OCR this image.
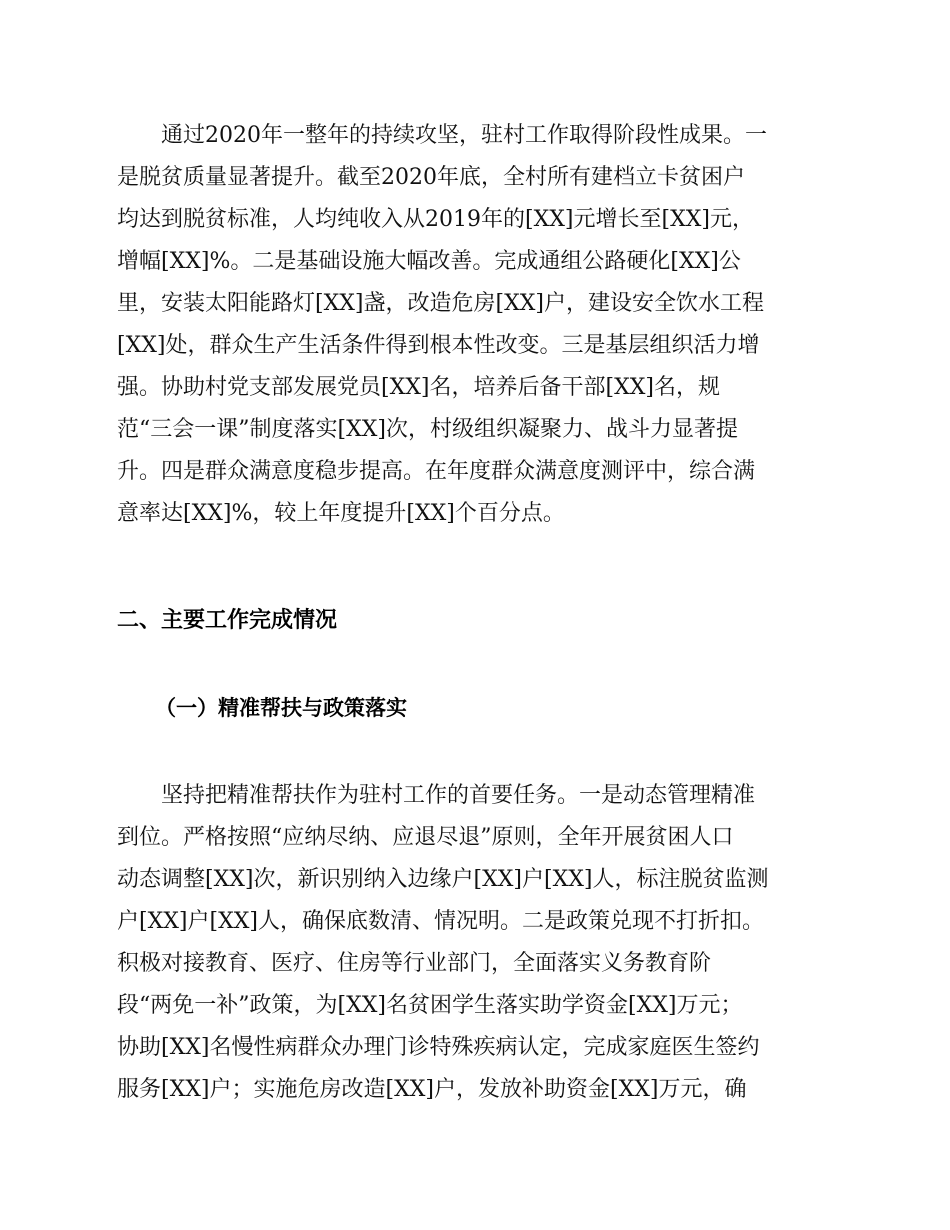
　　通过2020年一整年的持续攻坚，驻村工作取得阶段性成果。一
是脱贫质量显著提升。截至2020年底，全村所有建档立卡贫困户
均达到脱贫标准，人均纯收入从2019年的[XX]元增长至[XX]元，
增幅[XX]%。二是基础设施大幅改善。完成通组公路硬化[XX]公
里，安装太阳能路灯[XX]盏，改造危房[XX]户，建设安全饮水工程
[XX]处，群众生产生活条件得到根本性改变。三是基层组织活力增
强。协助村党支部发展党员[XX]名，培养后备干部[XX]名，规
范“三会一课”制度落实[XX]次，村级组织凝聚力、战斗力显著提
升。四是群众满意度稳步提高。在年度群众满意度测评中，综合满
意率达[XX]%，较上年度提升[XX]个百分点。
二、主要工作完成情况
（一）精准帮扶与政策落实
　　坚持把精准帮扶作为驻村工作的首要任务。一是动态管理精准
到位。严格按照“应纳尽纳、应退尽退”原则，全年开展贫困人口
动态调整[XX]次，新识别纳入边缘户[XX]户[XX]人，标注脱贫监测
户[XX]户[XX]人，确保底数清、情况明。二是政策兑现不打折扣。
积极对接教育、医疗、住房等行业部门，全面落实义务教育阶
段“两免一补”政策，为[XX]名贫困学生落实助学资金[XX]万元；
协助[XX]名慢性病群众办理门诊特殊疾病认定，完成家庭医生签约
服务[XX]户；实施危房改造[XX]户，发放补助资金[XX]万元，确
